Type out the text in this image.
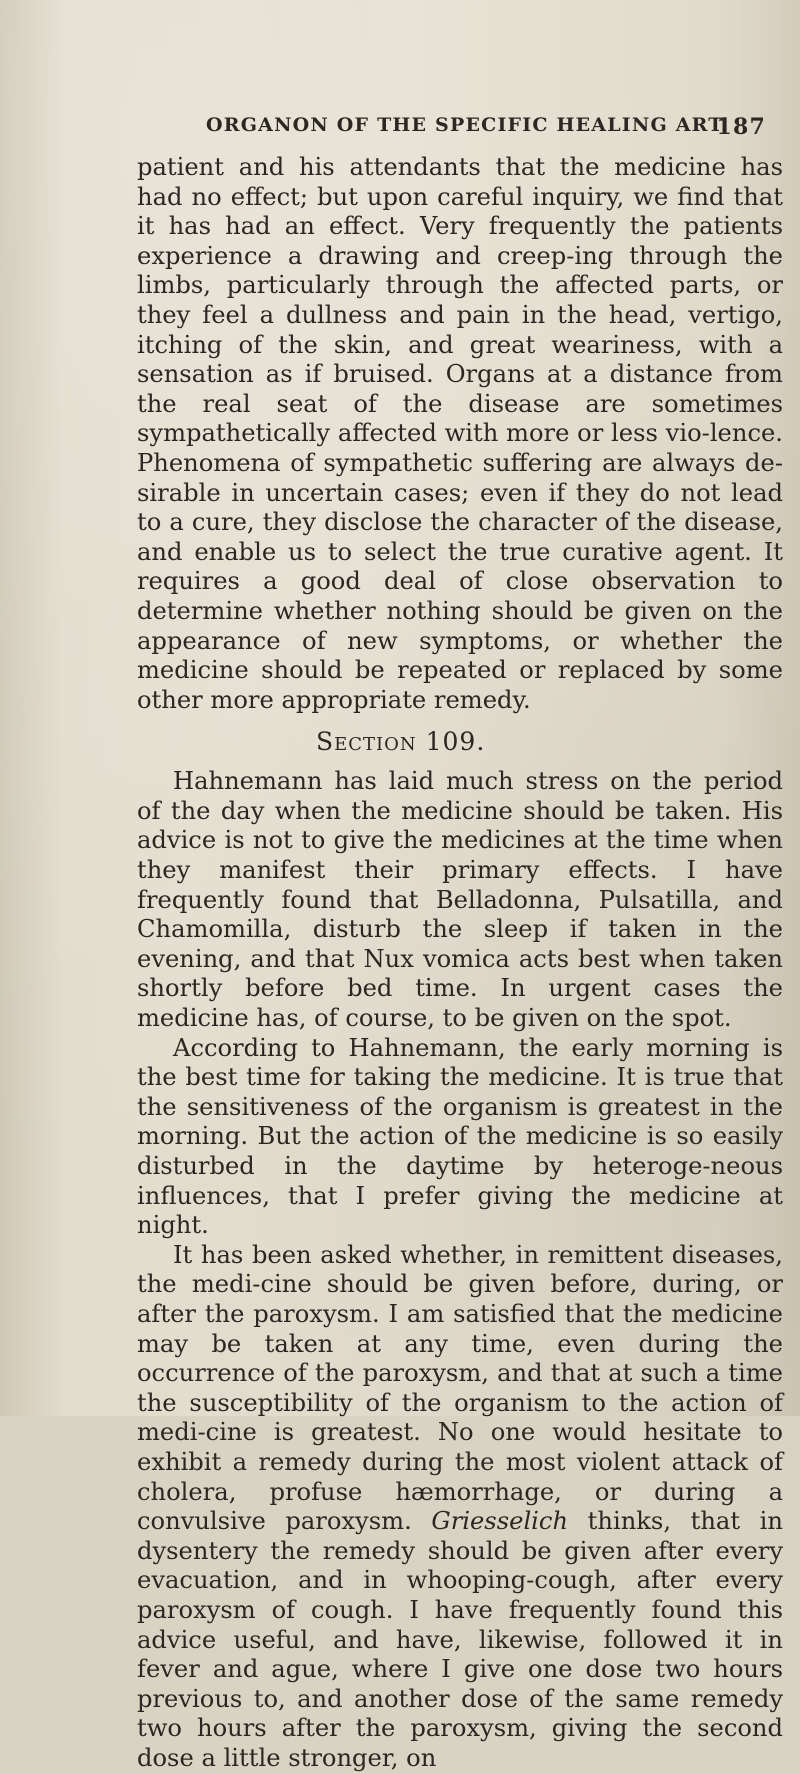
ORGANON OF THE SPECIFIC HEALING ART.
187

patient and his attendants that the medicine has had no effect; but upon careful inquiry, we find that it has had an effect. Very frequently the patients experience a drawing and creep-ing through the limbs, particularly through the affected parts, or they feel a dullness and pain in the head, vertigo, itching of the skin, and great weariness, with a sensation as if bruised. Organs at a distance from the real seat of the disease are sometimes sympathetically affected with more or less vio-lence. Phenomena of sympathetic suffering are always de-sirable in uncertain cases; even if they do not lead to a cure, they disclose the character of the disease, and enable us to select the true curative agent. It requires a good deal of close observation to determine whether nothing should be given on the appearance of new symptoms, or whether the medicine should be repeated or replaced by some other more appropriate remedy.

Section 109.

Hahnemann has laid much stress on the period of the day when the medicine should be taken. His advice is not to give the medicines at the time when they manifest their primary effects. I have frequently found that Belladonna, Pulsatilla, and Chamomilla, disturb the sleep if taken in the evening, and that Nux vomica acts best when taken shortly before bed time. In urgent cases the medicine has, of course, to be given on the spot.

According to Hahnemann, the early morning is the best time for taking the medicine. It is true that the sensitiveness of the organism is greatest in the morning. But the action of the medicine is so easily disturbed in the daytime by heteroge-neous influences, that I prefer giving the medicine at night.

It has been asked whether, in remittent diseases, the medi-cine should be given before, during, or after the paroxysm. I am satisfied that the medicine may be taken at any time, even during the occurrence of the paroxysm, and that at such a time the susceptibility of the organism to the action of medi-cine is greatest. No one would hesitate to exhibit a remedy during the most violent attack of cholera, profuse hæmorrhage, or during a convulsive paroxysm. Griesselich thinks, that in dysentery the remedy should be given after every evacuation, and in whooping-cough, after every paroxysm of cough. I have frequently found this advice useful, and have, likewise, followed it in fever and ague, where I give one dose two hours previous to, and another dose of the same remedy two hours after the paroxysm, giving the second dose a little stronger, on
